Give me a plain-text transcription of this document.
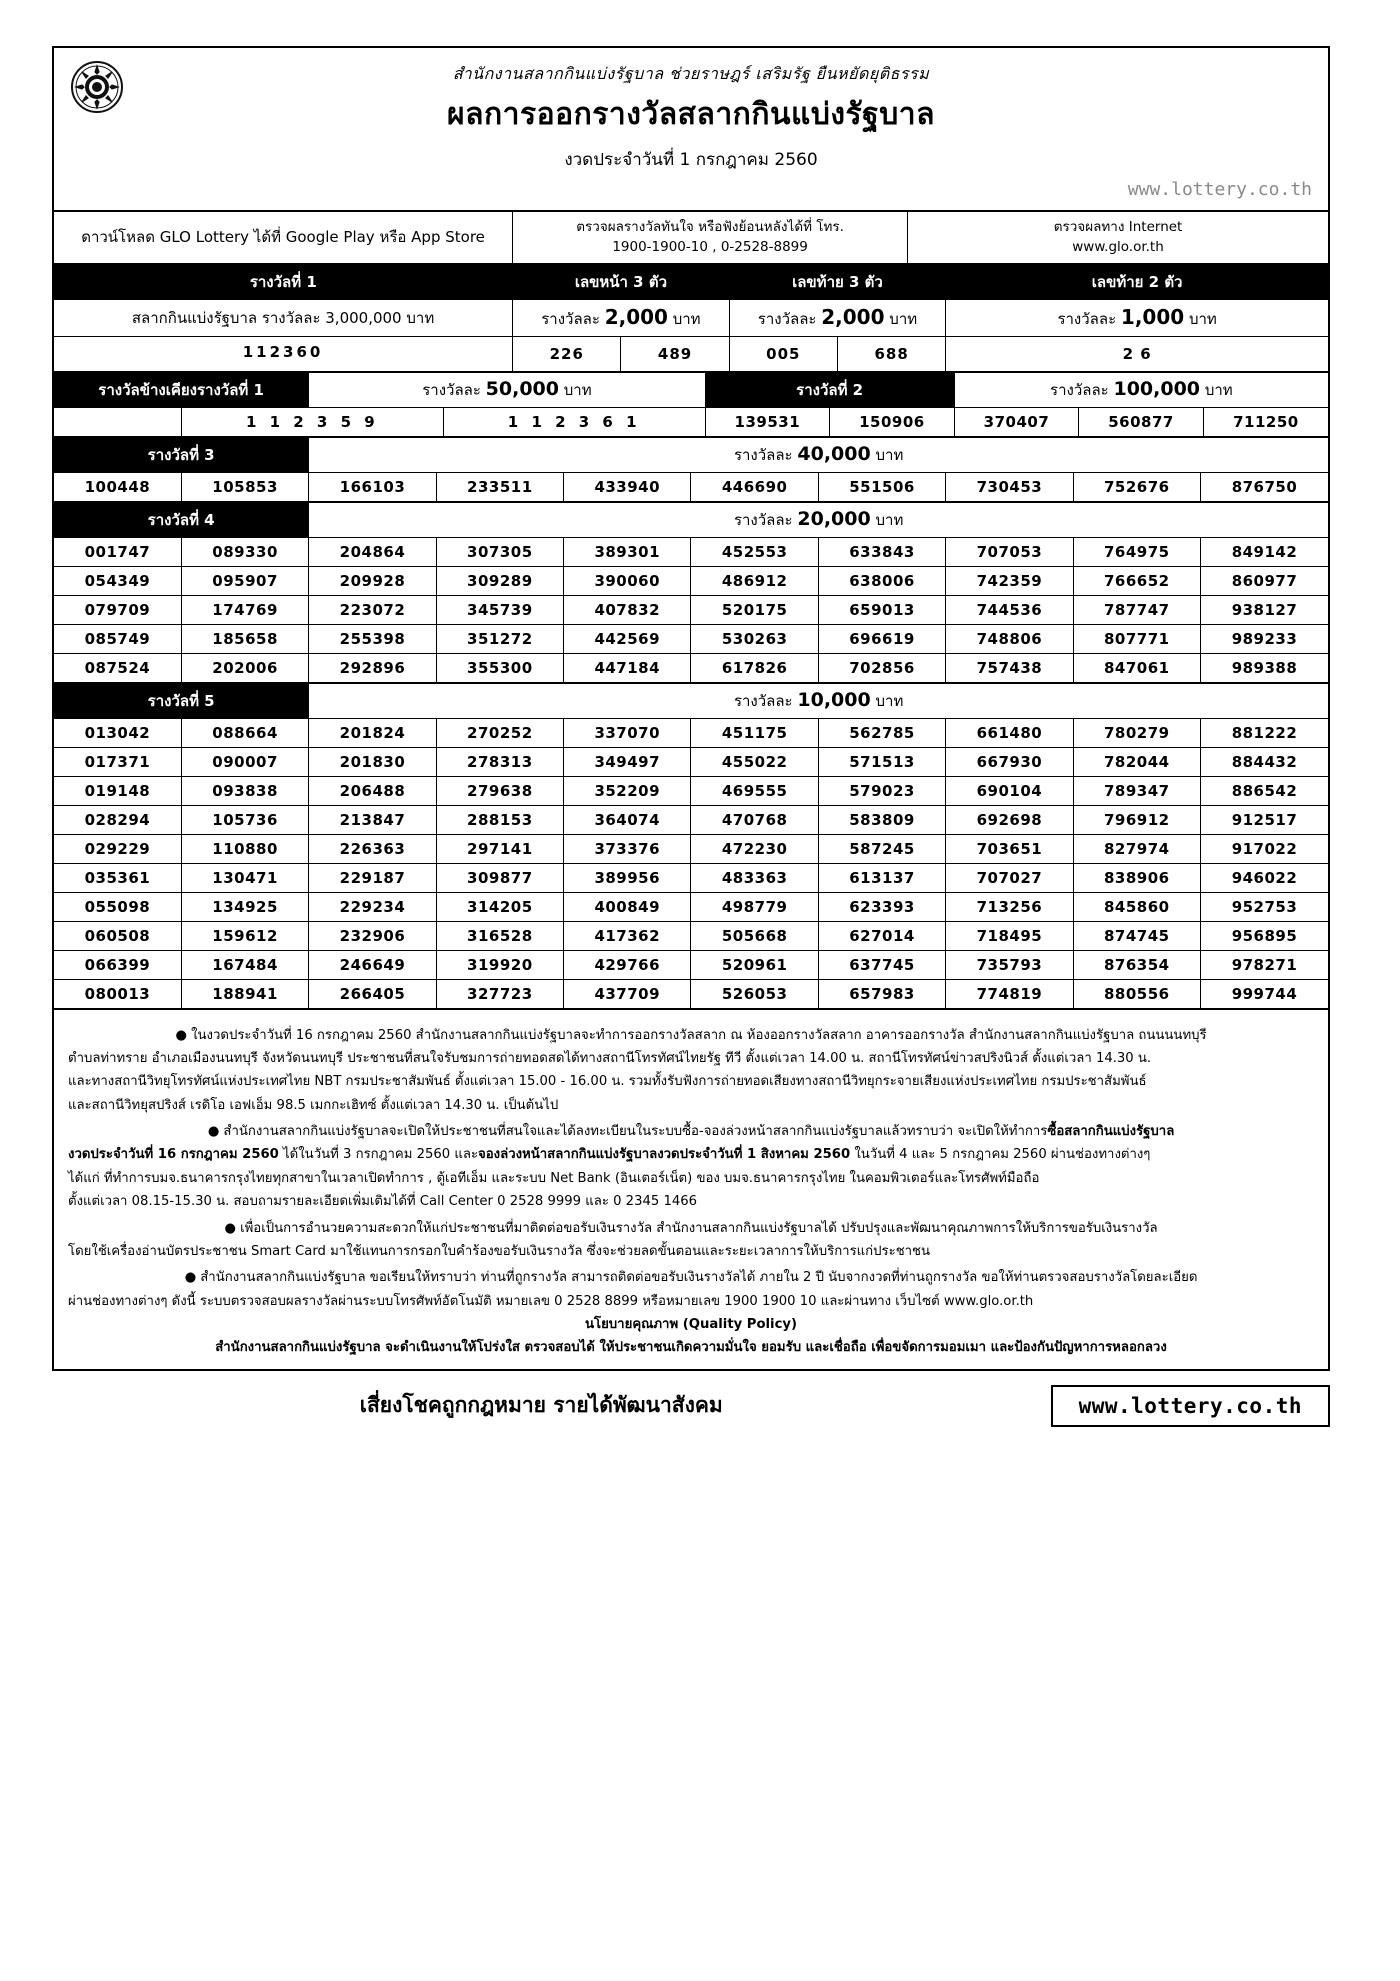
สำนักงานสลากกินแบ่งรัฐบาล ช่วยราษฎร์ เสริมรัฐ ยืนหยัดยุติธรรม
ผลการออกรางวัลสลากกินแบ่งรัฐบาล
งวดประจำวันที่ 1 กรกฎาคม 2560
www.lottery.co.th
ดาวน์โหลด GLO Lottery ได้ที่ Google Play หรือ App Store	
ตรวจผลรางวัลทันใจ หรือฟังย้อนหลังได้ที่ โทร.
1900-1900-10 , 0-2528-8899

ตรวจผลทาง Internet
www.glo.or.th
	รางวัลที่ 1		เลขหน้า 3 ตัว		เลขท้าย 3 ตัว		เลขท้าย 2 ตัว
สลากกินแบ่งรัฐบาล รางวัลละ 3,000,000 บาท			รางวัลละ 2,000 บาท		รางวัลละ 2,000 บาท		รางวัลละ 1,000 บาท
112360			226	489	005	688	2 6
รางวัลข้างเคียงรางวัลที่ 1		รางวัลละ 50,000 บาท		รางวัลที่ 2		รางวัลละ 100,000 บาท		
	1 1 2 3 5 9		1 1 2 3 6 1	139531	150906	370407	560877	711250
รางวัลที่ 3		รางวัลละ 40,000 บาท							
100448	105853	166103	233511	433940	446690	551506	730453	752676	876750
รางวัลที่ 4		รางวัลละ 20,000 บาท							
001747	089330	204864	307305	389301	452553	633843	707053	764975	849142
054349	095907	209928	309289	390060	486912	638006	742359	766652	860977
079709	174769	223072	345739	407832	520175	659013	744536	787747	938127
085749	185658	255398	351272	442569	530263	696619	748806	807771	989233
087524	202006	292896	355300	447184	617826	702856	757438	847061	989388
รางวัลที่ 5		รางวัลละ 10,000 บาท							
013042	088664	201824	270252	337070	451175	562785	661480	780279	881222
017371	090007	201830	278313	349497	455022	571513	667930	782044	884432
019148	093838	206488	279638	352209	469555	579023	690104	789347	886542
028294	105736	213847	288153	364074	470768	583809	692698	796912	912517
029229	110880	226363	297141	373376	472230	587245	703651	827974	917022
035361	130471	229187	309877	389956	483363	613137	707027	838906	946022
055098	134925	229234	314205	400849	498779	623393	713256	845860	952753
060508	159612	232906	316528	417362	505668	627014	718495	874745	956895
066399	167484	246649	319920	429766	520961	637745	735793	876354	978271
080013	188941	266405	327723	437709	526053	657983	774819	880556	999744

● ในงวดประจำวันที่ 16 กรกฎาคม 2560 สำนักงานสลากกินแบ่งรัฐบาลจะทำการออกรางวัลสลาก ณ ห้องออกรางวัลสลาก อาคารออกรางวัล สำนักงานสลากกินแบ่งรัฐบาล ถนนนนทบุรี

ตำบลท่าทราย อำเภอเมืองนนทบุรี จังหวัดนนทบุรี ประชาชนที่สนใจรับชมการถ่ายทอดสดได้ทางสถานีโทรทัศน์ไทยรัฐ ทีวี ตั้งแต่เวลา 14.00 น. สถานีโทรทัศน์ข่าวสปริงนิวส์ ตั้งแต่เวลา 14.30 น.

และทางสถานีวิทยุโทรทัศน์แห่งประเทศไทย NBT กรมประชาสัมพันธ์ ตั้งแต่เวลา 15.00 - 16.00 น. รวมทั้งรับฟังการถ่ายทอดเสียงทางสถานีวิทยุกระจายเสียงแห่งประเทศไทย กรมประชาสัมพันธ์

และสถานีวิทยุสปริงส์ เรดิโอ เอฟเอ็ม 98.5 เมกกะเฮิทซ์ ตั้งแต่เวลา 14.30 น. เป็นต้นไป

● สำนักงานสลากกินแบ่งรัฐบาลจะเปิดให้ประชาชนที่สนใจและได้ลงทะเบียนในระบบซื้อ-จองล่วงหน้าสลากกินแบ่งรัฐบาลแล้วทราบว่า จะเปิดให้ทำการซื้อสลากกินแบ่งรัฐบาล

งวดประจำวันที่ 16 กรกฎาคม 2560 ได้ในวันที่ 3 กรกฎาคม 2560 และจองล่วงหน้าสลากกินแบ่งรัฐบาลงวดประจำวันที่ 1 สิงหาคม 2560 ในวันที่ 4 และ 5 กรกฎาคม 2560 ผ่านช่องทางต่างๆ

ได้แก่ ที่ทำการบมจ.ธนาคารกรุงไทยทุกสาขาในเวลาเปิดทำการ , ตู้เอทีเอ็ม และระบบ Net Bank (อินเตอร์เน็ต) ของ บมจ.ธนาคารกรุงไทย ในคอมพิวเตอร์และโทรศัพท์มือถือ

ตั้งแต่เวลา 08.15-15.30 น. สอบถามรายละเอียดเพิ่มเติมได้ที่ Call Center 0 2528 9999 และ 0 2345 1466

● เพื่อเป็นการอำนวยความสะดวกให้แก่ประชาชนที่มาติดต่อขอรับเงินรางวัล สำนักงานสลากกินแบ่งรัฐบาลได้ ปรับปรุงและพัฒนาคุณภาพการให้บริการขอรับเงินรางวัล

โดยใช้เครื่องอ่านบัตรประชาชน Smart Card มาใช้แทนการกรอกใบคำร้องขอรับเงินรางวัล ซึ่งจะช่วยลดขั้นตอนและระยะเวลาการให้บริการแก่ประชาชน

● สำนักงานสลากกินแบ่งรัฐบาล ขอเรียนให้ทราบว่า ท่านที่ถูกรางวัล สามารถติดต่อขอรับเงินรางวัลได้ ภายใน 2 ปี นับจากงวดที่ท่านถูกรางวัล ขอให้ท่านตรวจสอบรางวัลโดยละเอียด

ผ่านช่องทางต่างๆ ดังนี้ ระบบตรวจสอบผลรางวัลผ่านระบบโทรศัพท์อัตโนมัติ หมายเลข 0 2528 8899 หรือหมายเลข 1900 1900 10 และผ่านทาง เว็บไซต์ www.glo.or.th

นโยบายคุณภาพ (Quality Policy)

สำนักงานสลากกินแบ่งรัฐบาล จะดำเนินงานให้โปร่งใส ตรวจสอบได้ ให้ประชาชนเกิดความมั่นใจ ยอมรับ และเชื่อถือ เพื่อขจัดการมอมเมา และป้องกันปัญหาการหลอกลวง

เสี่ยงโชคถูกกฎหมาย รายได้พัฒนาสังคม	www.lottery.co.th
